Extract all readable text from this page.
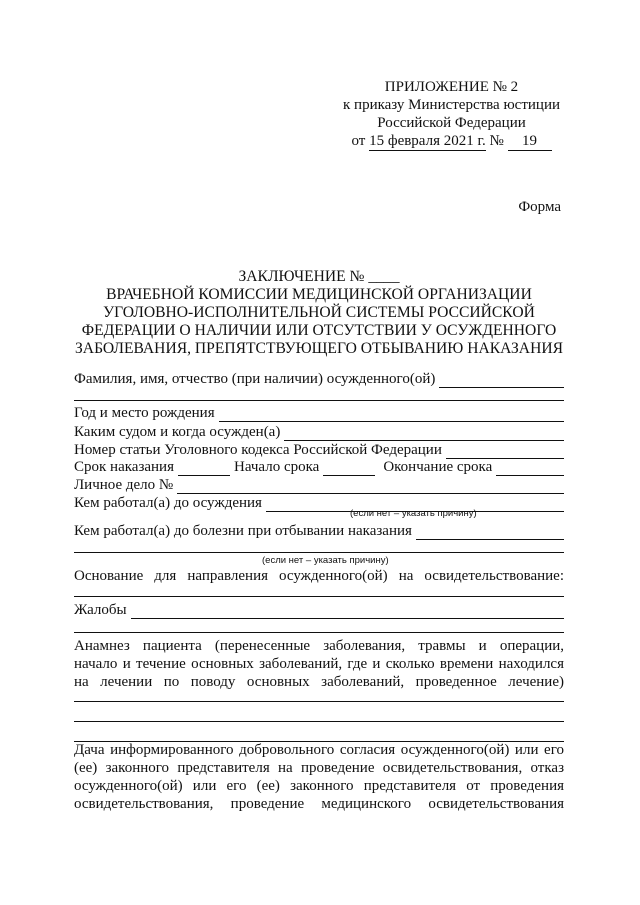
ПРИЛОЖЕНИЕ № 2
к приказу Министерства юстиции
Российской Федерации
от 15 февраля 2021 г. № 19
Форма
ЗАКЛЮЧЕНИЕ № ____
ВРАЧЕБНОЙ КОМИССИИ МЕДИЦИНСКОЙ ОРГАНИЗАЦИИ
УГОЛОВНО-ИСПОЛНИТЕЛЬНОЙ СИСТЕМЫ РОССИЙСКОЙ
ФЕДЕРАЦИИ О НАЛИЧИИ ИЛИ ОТСУТСТВИИ У ОСУЖДЕННОГО
ЗАБОЛЕВАНИЯ, ПРЕПЯТСТВУЮЩЕГО ОТБЫВАНИЮ НАКАЗАНИЯ
Фамилия, имя, отчество (при наличии) осужденного(ой)
Год и место рождения
Каким судом и когда осужден(а)
Номер статьи Уголовного кодекса Российской Федерации
Срок наказания	Начало срока	Окончание срока
Личное дело №
Кем работал(а) до осуждения
(если нет – указать причину)
Кем работал(а) до болезни при отбывании наказания
(если нет – указать причину)
Основание для направления осужденного(ой) на освидетельствование:
Жалобы
Анамнез пациента (перенесенные заболевания, травмы и операции,
начало и течение основных заболеваний, где и сколько времени находился
на лечении по поводу основных заболеваний, проведенное лечение)
Дача информированного добровольного согласия осужденного(ой) или его
(ее) законного представителя на проведение освидетельствования, отказ
осужденного(ой) или его (ее) законного представителя от проведения
освидетельствования, проведение медицинского освидетельствования
